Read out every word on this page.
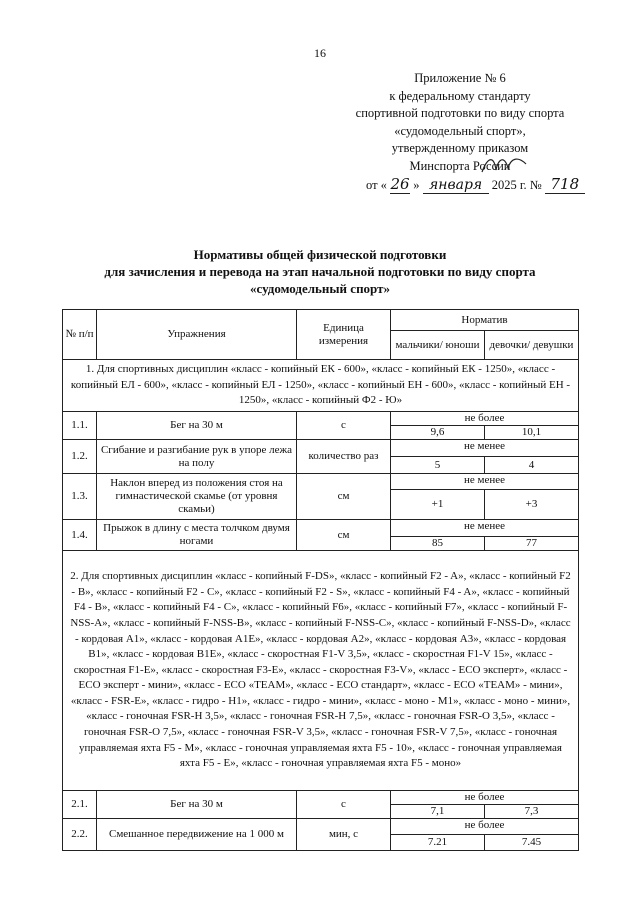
16
Приложение № 6
к федеральному стандарту
спортивной подготовки по виду спорта
«судомодельный спорт»,
утвержденному приказом
Минспорта России
от « 26 » января 2025 г. № 718
Нормативы общей физической подготовки
для зачисления и перевода на этап начальной подготовки по виду спорта
«судомодельный спорт»
№ п/п	Упражнения	Единица измерения	Норматив	
			мальчики/ юноши	девочки/ девушки
1. Для спортивных дисциплин «класс - копийный ЕК - 600», «класс - копийный ЕК - 1250», «класс - копийный ЕЛ - 600», «класс - копийный ЕЛ - 1250», «класс - копийный ЕН - 600», «класс - копийный ЕН - 1250», «класс - копийный Ф2 - Ю»				
1.1.	Бег на 30 м	с	не более	
			9,6	10,1
1.2.	Сгибание и разгибание рук в упоре лежа на полу	количество раз	не менее	
			5	4
1.3.	Наклон вперед из положения стоя на гимнастической скамье (от уровня скамьи)	см	не менее	
			+1	+3
1.4.	Прыжок в длину с места толчком двумя ногами	см	не менее	
			85	77
2. Для спортивных дисциплин «класс - копийный F-DS», «класс - копийный F2 - A», «класс - копийный F2 - B», «класс - копийный F2 - C», «класс - копийный F2 - S», «класс - копийный F4 - A», «класс - копийный F4 - B», «класс - копийный F4 - C», «класс - копийный F6», «класс - копийный F7», «класс - копийный F-NSS-A», «класс - копийный F-NSS-B», «класс - копийный F-NSS-C», «класс - копийный F-NSS-D», «класс - кордовая A1», «класс - кордовая A1E», «класс - кордовая A2», «класс - кордовая A3», «класс - кордовая B1», «класс - кордовая B1E», «класс - скоростная F1-V 3,5», «класс - скоростная F1-V 15», «класс - скоростная F1-E», «класс - скоростная F3-E», «класс - скоростная F3-V», «класс - ECO эксперт», «класс - ECO эксперт - мини», «класс - ECO «TEAM», «класс - ECO стандарт», «класс - ECO «TEAM» - мини», «класс - FSR-E», «класс - гидро - H1», «класс - гидро - мини», «класс - моно - M1», «класс - моно - мини», «класс - гоночная FSR-H 3,5», «класс - гоночная FSR-H 7,5», «класс - гоночная FSR-O 3,5», «класс - гоночная FSR-O 7,5», «класс - гоночная FSR-V 3,5», «класс - гоночная FSR-V 7,5», «класс - гоночная управляемая яхта F5 - M», «класс - гоночная управляемая яхта F5 - 10», «класс - гоночная управляемая яхта F5 - E», «класс - гоночная управляемая яхта F5 - моно»				
2.1.	Бег на 30 м	с	не более	
			7,1	7,3
2.2.	Смешанное передвижение на 1 000 м	мин, с	не более	
			7.21	7.45
